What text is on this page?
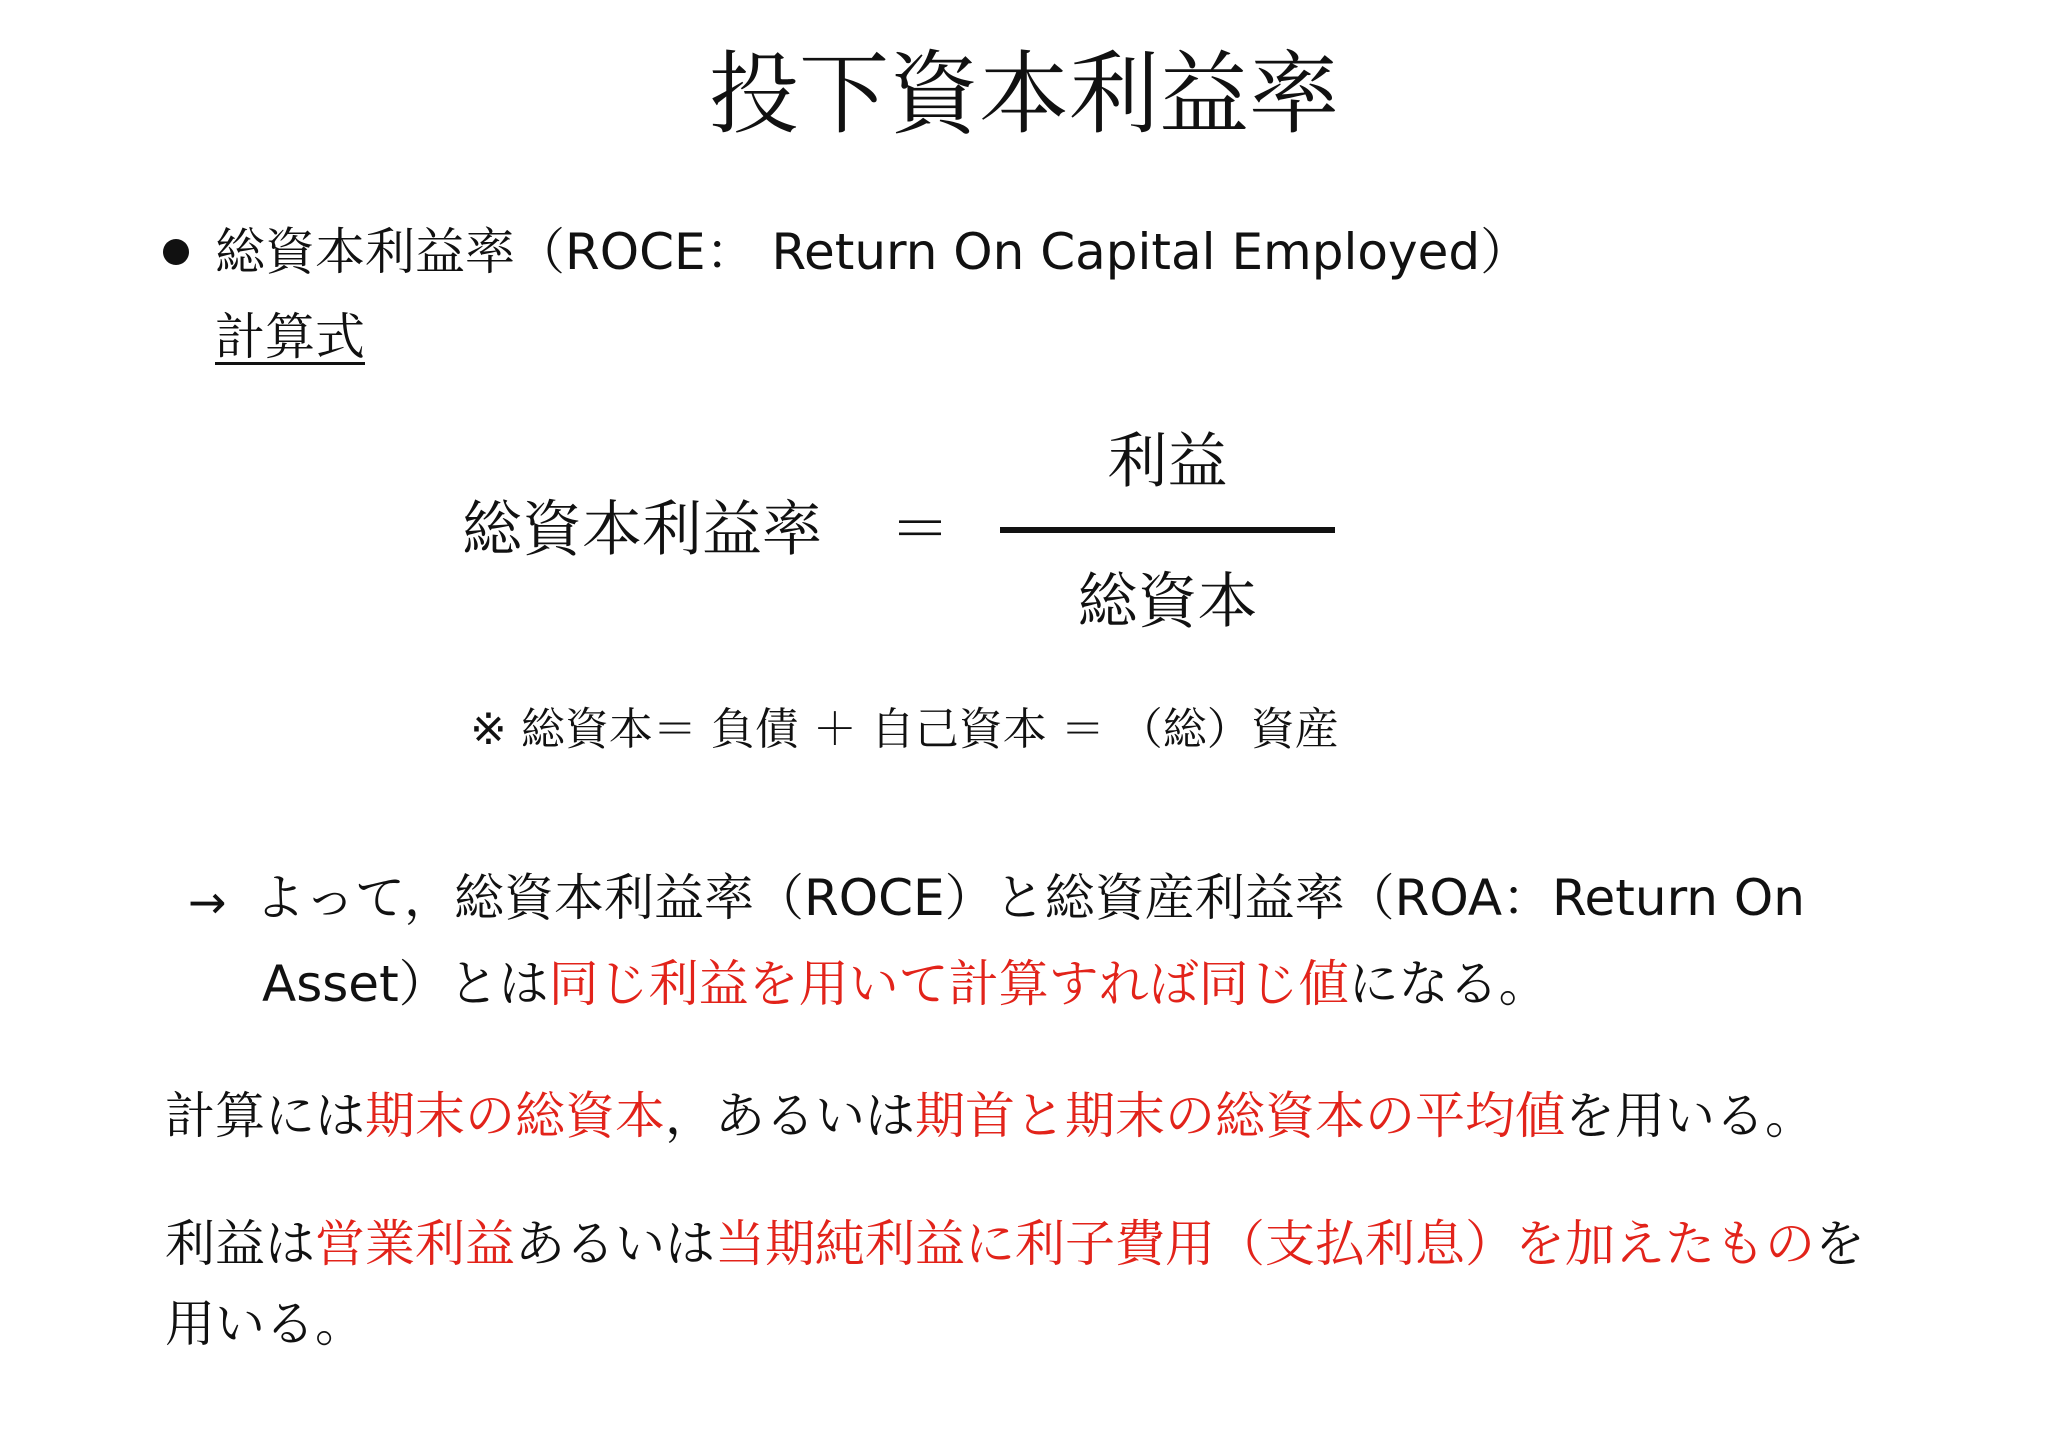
投下資本利益率
総資本利益率（ROCE： Return On Capital Employed）
計算式
総資本利益率 ＝
利益
総資本
※ 総資本＝ 負債 ＋ 自己資本 ＝ （総）資産
→ よって，総資本利益率（ROCE）と総資産利益率（ROA：Return On
Asset）とは同じ利益を用いて計算すれば同じ値になる。
計算には期末の総資本，あるいは期首と期末の総資本の平均値を用いる。
利益は営業利益あるいは当期純利益に利子費用（支払利息）を加えたものを
用いる。
